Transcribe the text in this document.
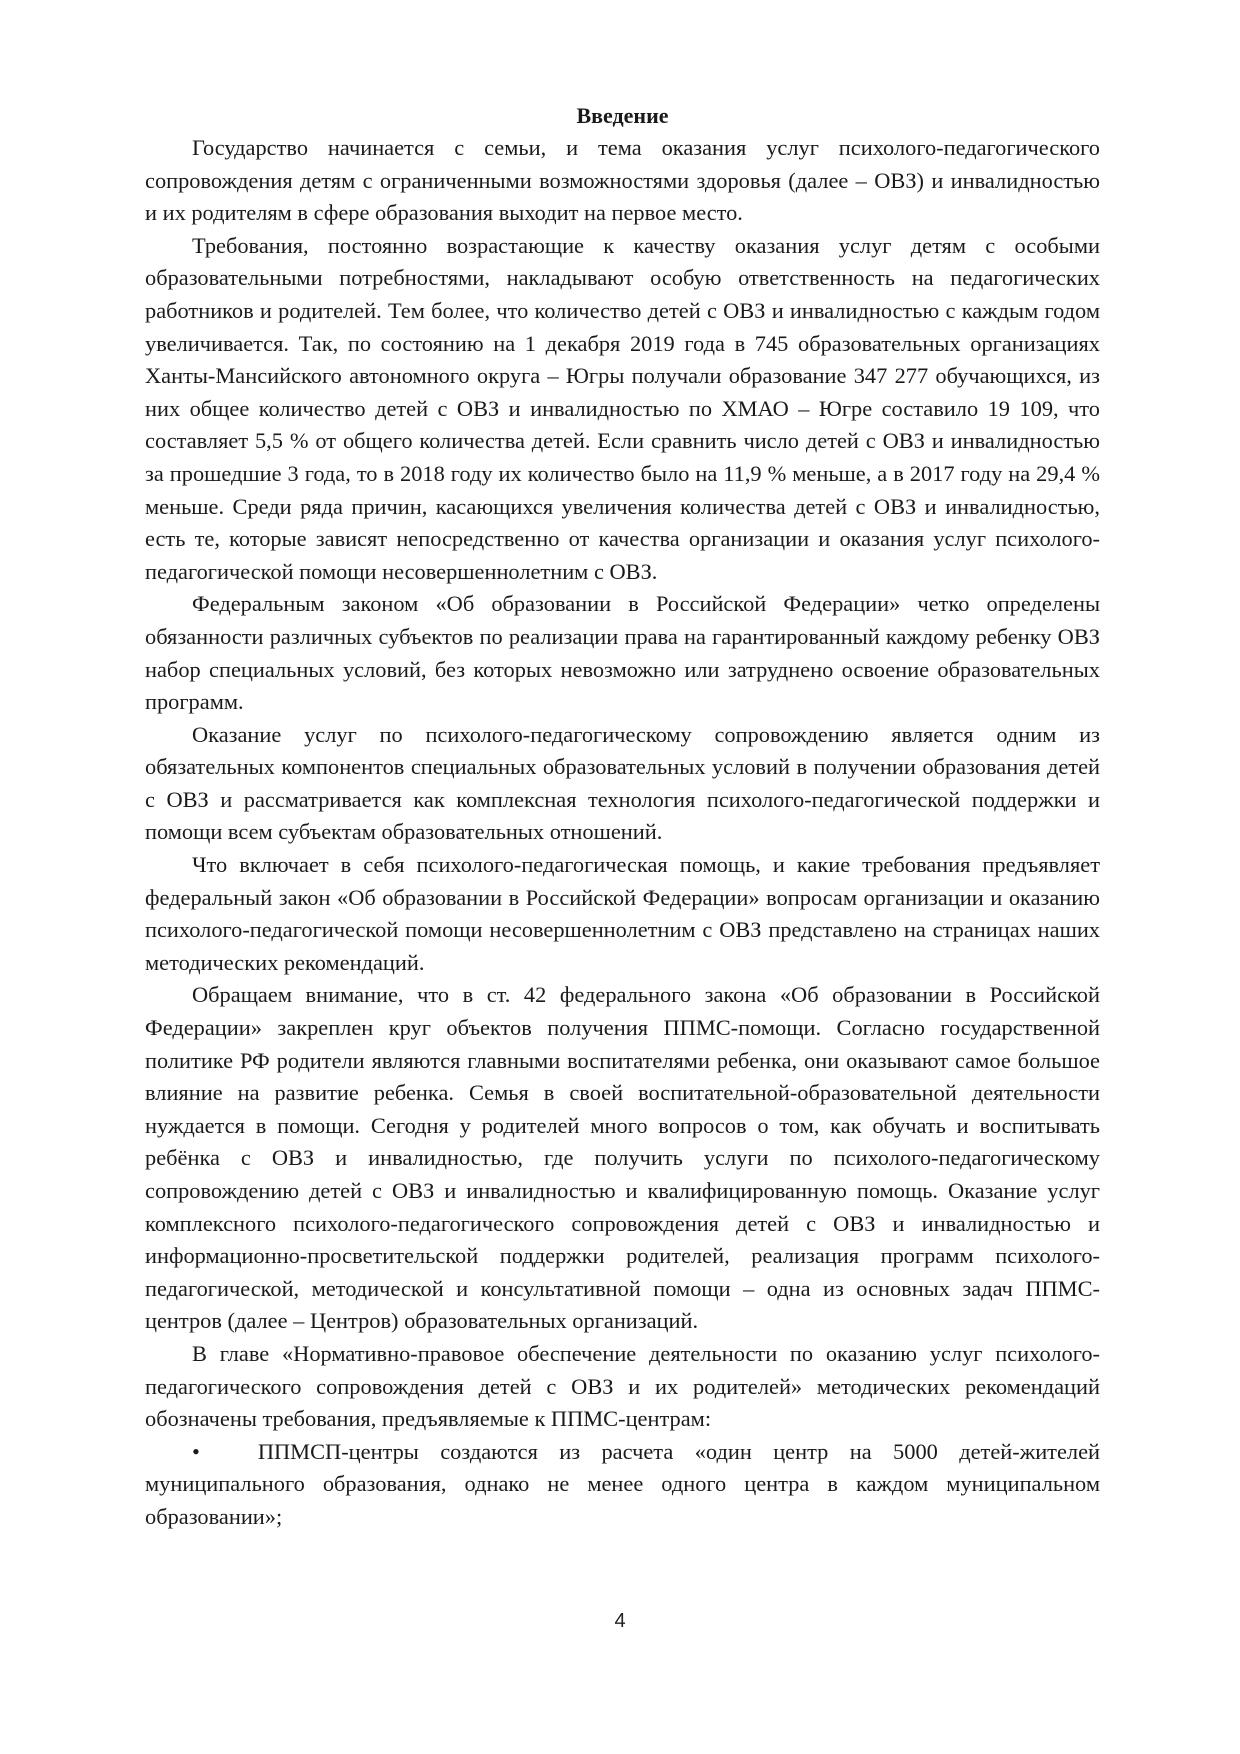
Введение

Государство начинается с семьи, и тема оказания услуг психолого-педагогического сопровождения детям с ограниченными возможностями здоровья (далее – ОВЗ) и инвалидностью и их родителям в сфере образования выходит на первое место.

Требования, постоянно возрастающие к качеству оказания услуг детям с особыми образовательными потребностями, накладывают особую ответственность на педагогических работников и родителей. Тем более, что количество детей с ОВЗ и инвалидностью с каждым годом увеличивается. Так, по состоянию на 1 декабря 2019 года в 745 образовательных организациях Ханты-Мансийского автономного округа – Югры получали образование 347 277 обучающихся, из них общее количество детей с ОВЗ и инвалидностью по ХМАО – Югре составило 19 109, что составляет 5,5 % от общего количества детей. Если сравнить число детей с ОВЗ и инвалидностью за прошедшие 3 года, то в 2018 году их количество было на 11,9 % меньше, а в 2017 году на 29,4 % меньше. Среди ряда причин, касающихся увеличения количества детей с ОВЗ и инвалидностью, есть те, которые зависят непосредственно от качества организации и оказания услуг психолого-педагогической помощи несовершеннолетним с ОВЗ.

Федеральным законом «Об образовании в Российской Федерации» четко определены обязанности различных субъектов по реализации права на гарантированный каждому ребенку ОВЗ набор специальных условий, без которых невозможно или затруднено освоение образовательных программ.

Оказание услуг по психолого-педагогическому сопровождению является одним из обязательных компонентов специальных образовательных условий в получении образования детей с ОВЗ и рассматривается как комплексная технология психолого-педагогической поддержки и помощи всем субъектам образовательных отношений.

Что включает в себя психолого-педагогическая помощь, и какие требования предъявляет федеральный закон «Об образовании в Российской Федерации» вопросам организации и оказанию психолого-педагогической помощи несовершеннолетним с ОВЗ представлено на страницах наших методических рекомендаций.

Обращаем внимание, что в ст. 42 федерального закона «Об образовании в Российской Федерации» закреплен круг объектов получения ППМС-помощи. Согласно государственной политике РФ родители являются главными воспитателями ребенка, они оказывают самое большое влияние на развитие ребенка. Семья в своей воспитательной-образовательной деятельности нуждается в помощи. Сегодня у родителей много вопросов о том, как обучать и воспитывать ребёнка с ОВЗ и инвалидностью, где получить услуги по психолого-педагогическому сопровождению детей с ОВЗ и инвалидностью и квалифицированную помощь. Оказание услуг комплексного психолого-педагогического сопровождения детей с ОВЗ и инвалидностью и информационно-просветительской поддержки родителей, реализация программ психолого-педагогической, методической и консультативной помощи – одна из основных задач ППМС-центров (далее – Центров) образовательных организаций.

В главе «Нормативно-правовое обеспечение деятельности по оказанию услуг психолого-педагогического сопровождения детей с ОВЗ и их родителей» методических рекомендаций обозначены требования, предъявляемые к ППМС-центрам:

•	ППМСП-центры создаются из расчета «один центр на 5000 детей-жителей муниципального образования, однако не менее одного центра в каждом муниципальном образовании»;

4
